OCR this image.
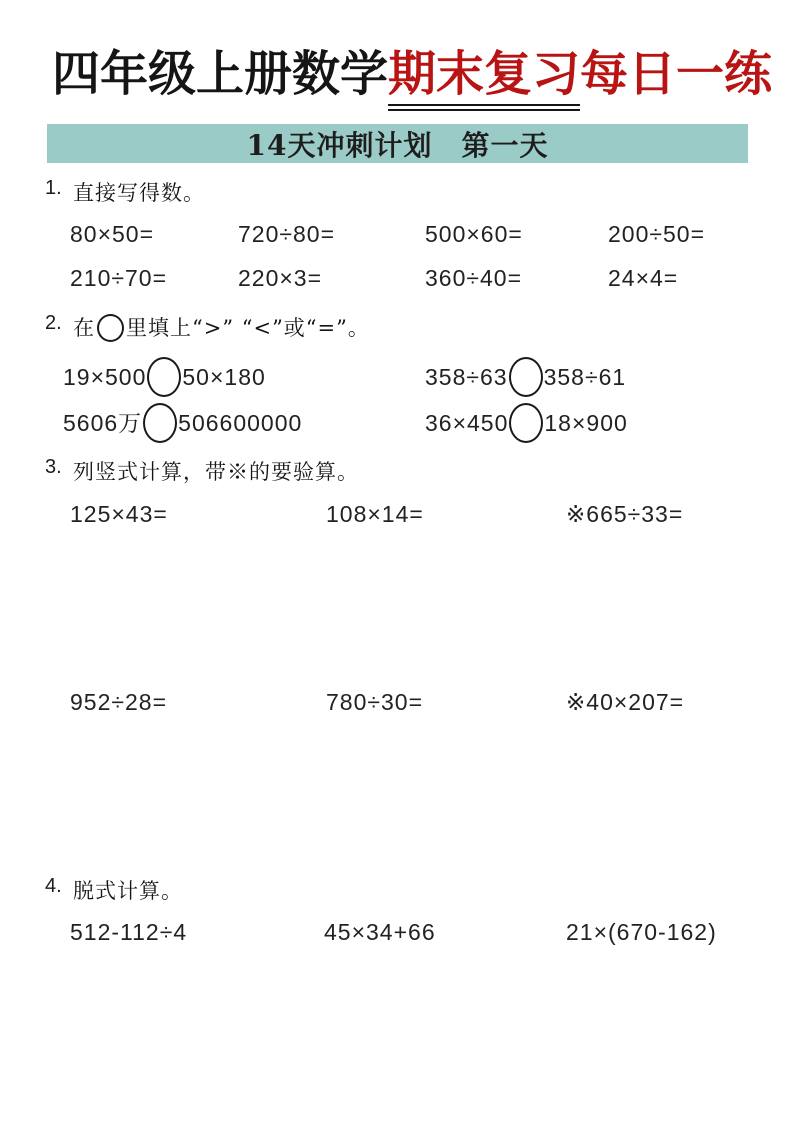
四年级上册数学期末复习每日一练
14天冲刺计划　第一天
1. 直接写得数。
80×50=	720÷80=	500×60=	200÷50=
210÷70=	220×3=	360÷40=	24×4=
2. 在 里填上“>” “<”或“=”。
19×500 50×180	358÷63 358÷61
5606万 506600000	36×450 18×900
3. 列竖式计算，带※的要验算。
125×43=	108×14=	※665÷33=
952÷28=	780÷30=	※40×207=
4. 脱式计算。
512-112÷4	45×34+66	21×(670-162)
